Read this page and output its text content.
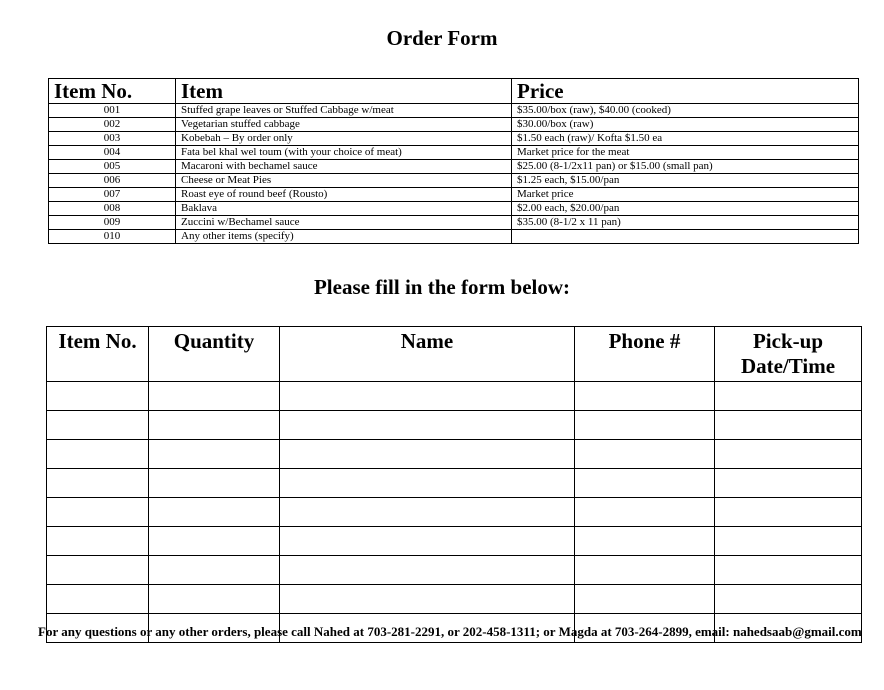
Order Form
Item No.	Item	Price
001	Stuffed grape leaves or Stuffed Cabbage w/meat	$35.00/box (raw), $40.00 (cooked)
002	Vegetarian stuffed cabbage	$30.00/box (raw)
003	Kobebah – By order only	$1.50 each (raw)/ Kofta $1.50 ea
004	Fata bel khal wel toum (with your choice of meat)	Market price for the meat
005	Macaroni with bechamel sauce	$25.00 (8-1/2x11 pan) or $15.00 (small pan)
006	Cheese or Meat Pies	$1.25 each, $15.00/pan
007	Roast eye of round beef (Rousto)	Market price
008	Baklava	$2.00 each, $20.00/pan
009	Zuccini w/Bechamel sauce	$35.00 (8-1/2 x 11 pan)
010	Any other items (specify)	
Please fill in the form below:
Item No.	Quantity	Name	Phone #	Pick-up Date/Time

For any questions or any other orders, please call Nahed at 703-281-2291, or 202-458-1311; or Magda at 703-264-2899, email: nahedsaab@gmail.com
